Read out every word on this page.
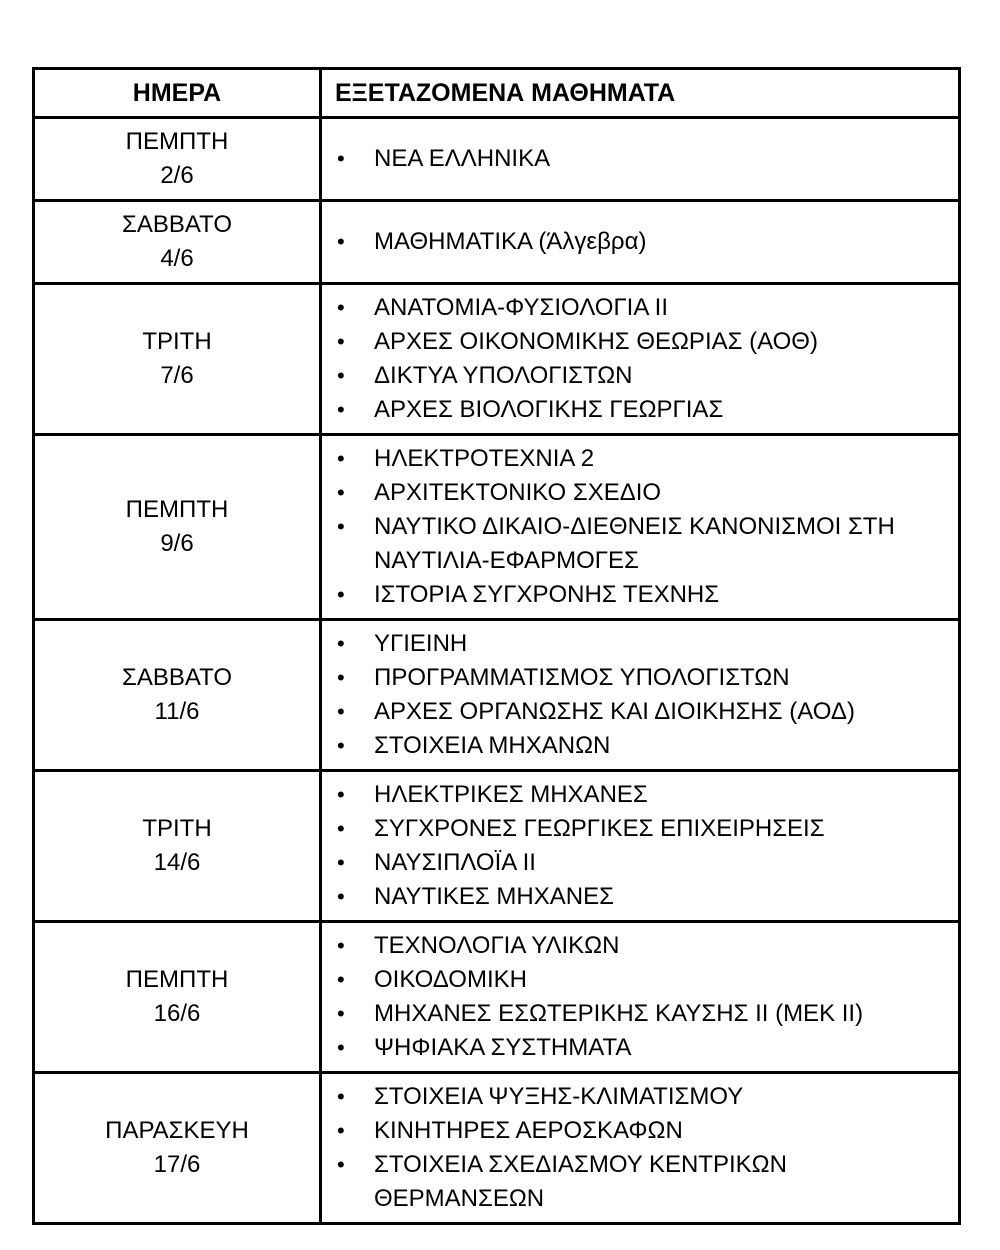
ΗΜΕΡΑ	ΕΞΕΤΑΖΟΜΕΝΑ ΜΑΘΗΜΑΤΑ

ΠΕΜΠΤΗ
2/6

•	ΝΕΑ ΕΛΛΗΝΙΚΑ

ΣΑΒΒΑΤΟ
4/6

•	ΜΑΘΗΜΑΤΙΚΑ (Άλγεβρα)

ΤΡΙΤΗ
7/6

•	ΑΝΑΤΟΜΙΑ-ΦΥΣΙΟΛΟΓΙΑ ΙΙ
•	ΑΡΧΕΣ ΟΙΚΟΝΟΜΙΚΗΣ ΘΕΩΡΙΑΣ (ΑΟΘ)
•	ΔΙΚΤΥΑ ΥΠΟΛΟΓΙΣΤΩΝ
•	ΑΡΧΕΣ ΒΙΟΛΟΓΙΚΗΣ ΓΕΩΡΓΙΑΣ

ΠΕΜΠΤΗ
9/6

•	ΗΛΕΚΤΡΟΤΕΧΝΙΑ 2
•	ΑΡΧΙΤΕΚΤΟΝΙΚΟ ΣΧΕΔΙΟ
•	ΝΑΥΤΙΚΟ ΔΙΚΑΙΟ-ΔΙΕΘΝΕΙΣ ΚΑΝΟΝΙΣΜΟΙ ΣΤΗ ΝΑΥΤΙΛΙΑ-ΕΦΑΡΜΟΓΕΣ
•	ΙΣΤΟΡΙΑ ΣΥΓΧΡΟΝΗΣ ΤΕΧΝΗΣ

ΣΑΒΒΑΤΟ
11/6

•	ΥΓΙΕΙΝΗ
•	ΠΡΟΓΡΑΜΜΑΤΙΣΜΟΣ ΥΠΟΛΟΓΙΣΤΩΝ
•	ΑΡΧΕΣ ΟΡΓΑΝΩΣΗΣ ΚΑΙ ΔΙΟΙΚΗΣΗΣ (ΑΟΔ)
•	ΣΤΟΙΧΕΙΑ ΜΗΧΑΝΩΝ

ΤΡΙΤΗ
14/6

•	ΗΛΕΚΤΡΙΚΕΣ ΜΗΧΑΝΕΣ
•	ΣΥΓΧΡΟΝΕΣ ΓΕΩΡΓΙΚΕΣ ΕΠΙΧΕΙΡΗΣΕΙΣ
•	ΝΑΥΣΙΠΛΟΪΑ ΙΙ
•	ΝΑΥΤΙΚΕΣ ΜΗΧΑΝΕΣ

ΠΕΜΠΤΗ
16/6

•	ΤΕΧΝΟΛΟΓΙΑ ΥΛΙΚΩΝ
•	ΟΙΚΟΔΟΜΙΚΗ
•	ΜΗΧΑΝΕΣ ΕΣΩΤΕΡΙΚΗΣ ΚΑΥΣΗΣ ΙΙ (ΜΕΚ ΙΙ)
•	ΨΗΦΙΑΚΑ ΣΥΣΤΗΜΑΤΑ

ΠΑΡΑΣΚΕΥΗ
17/6

•	ΣΤΟΙΧΕΙΑ ΨΥΞΗΣ-ΚΛΙΜΑΤΙΣΜΟΥ
•	ΚΙΝΗΤΗΡΕΣ ΑΕΡΟΣΚΑΦΩΝ
•	ΣΤΟΙΧΕΙΑ ΣΧΕΔΙΑΣΜΟΥ ΚΕΝΤΡΙΚΩΝ ΘΕΡΜΑΝΣΕΩΝ
